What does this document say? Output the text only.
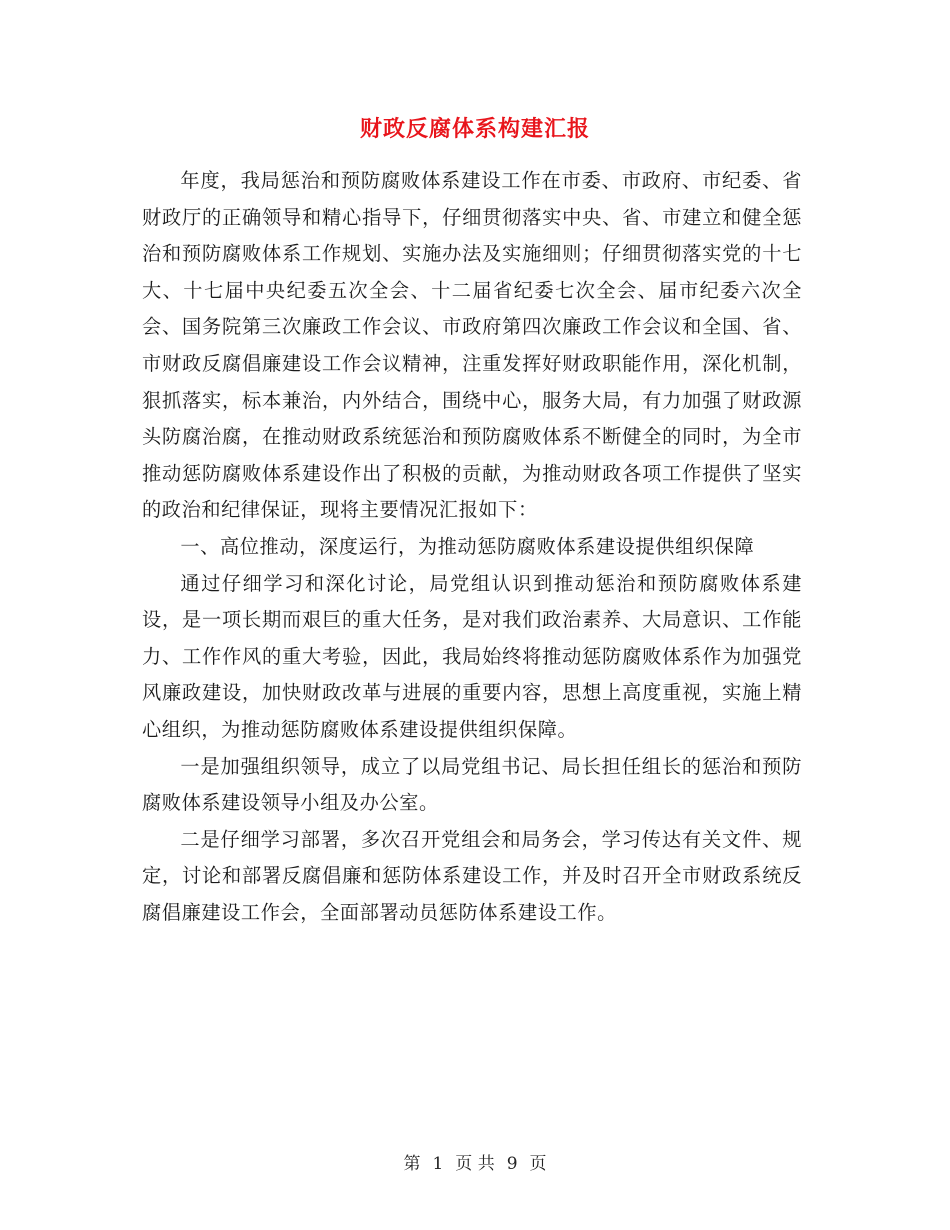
财政反腐体系构建汇报

年度，我局惩治和预防腐败体系建设工作在市委、市政府、市纪委、省财政厅的正确领导和精心指导下，仔细贯彻落实中央、省、市建立和健全惩治和预防腐败体系工作规划、实施办法及实施细则；仔细贯彻落实党的十七大、十七届中央纪委五次全会、十二届省纪委七次全会、届市纪委六次全会、国务院第三次廉政工作会议、市政府第四次廉政工作会议和全国、省、市财政反腐倡廉建设工作会议精神，注重发挥好财政职能作用，深化机制，狠抓落实，标本兼治，内外结合，围绕中心，服务大局，有力加强了财政源头防腐治腐，在推动财政系统惩治和预防腐败体系不断健全的同时，为全市推动惩防腐败体系建设作出了积极的贡献，为推动财政各项工作提供了坚实的政治和纪律保证，现将主要情况汇报如下：

一、高位推动，深度运行，为推动惩防腐败体系建设提供组织保障

通过仔细学习和深化讨论，局党组认识到推动惩治和预防腐败体系建设，是一项长期而艰巨的重大任务，是对我们政治素养、大局意识、工作能力、工作作风的重大考验，因此，我局始终将推动惩防腐败体系作为加强党风廉政建设，加快财政改革与进展的重要内容，思想上高度重视，实施上精心组织，为推动惩防腐败体系建设提供组织保障。

一是加强组织领导，成立了以局党组书记、局长担任组长的惩治和预防腐败体系建设领导小组及办公室。

二是仔细学习部署，多次召开党组会和局务会，学习传达有关文件、规定，讨论和部署反腐倡廉和惩防体系建设工作，并及时召开全市财政系统反腐倡廉建设工作会，全面部署动员惩防体系建设工作。

第 1 页 共 9 页
